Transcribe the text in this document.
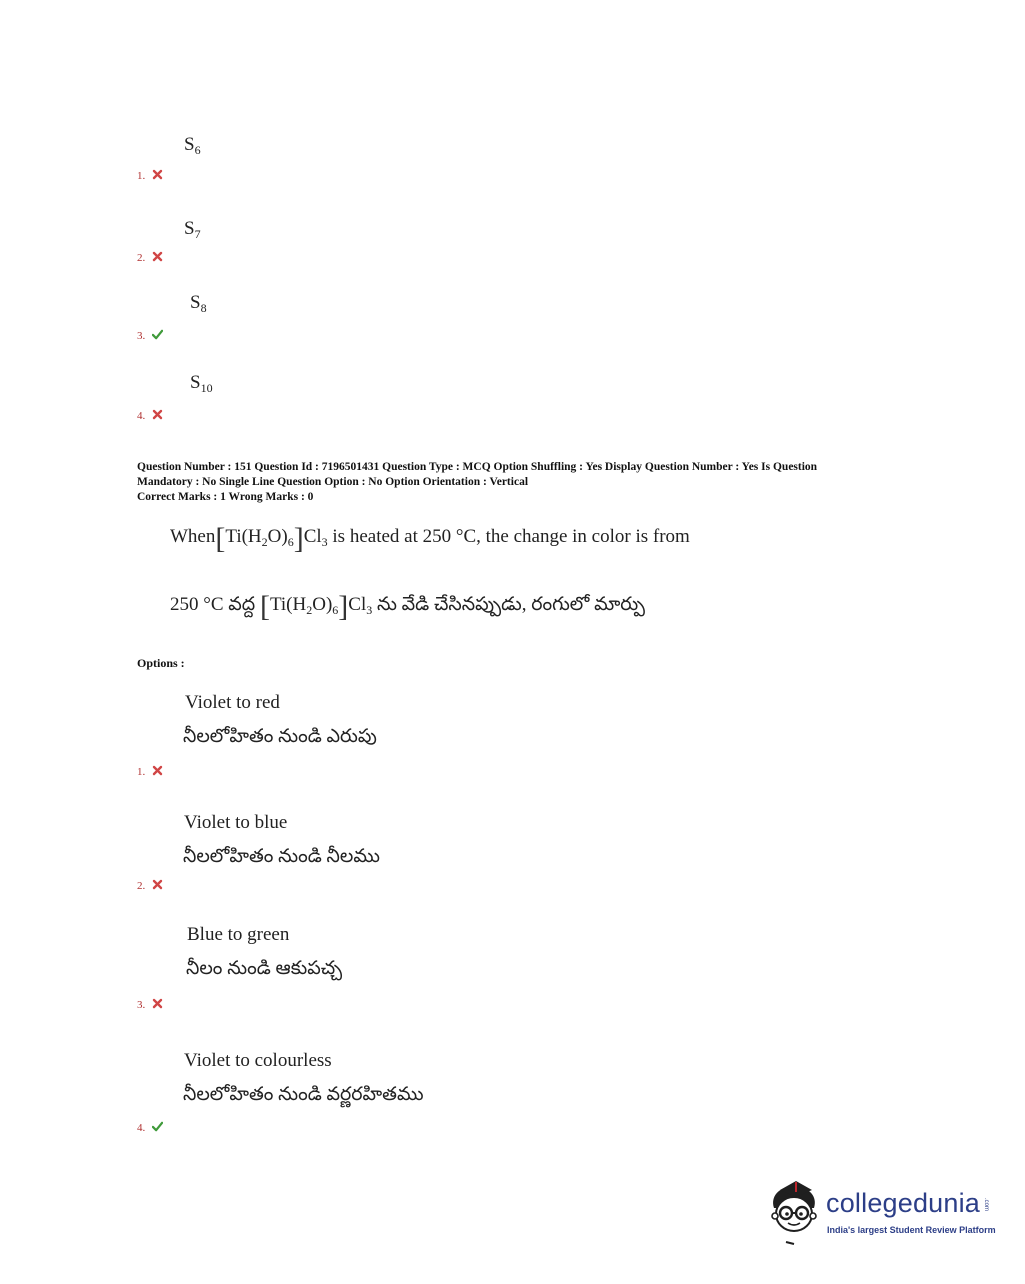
$S_6$
1.
$S_7$
2.
$S_8$
3.
$S_{10}$
4.
Question Number : 151 Question Id : 7196501431 Question Type : MCQ Option Shuffling : Yes Display Question Number : Yes Is Question
Mandatory : No Single Line Question Option : No Option Orientation : Vertical
Correct Marks : 1 Wrong Marks : 0
$When[Ti(H_2O)_6]Cl_3$ is heated at 250 °C, the change in color is from
250 °C వద్ద $[Ti(H_2O)_6]Cl_3$ ను వేడి చేసినప్పుడు, రంగులో మార్పు
Options :
Violet to red
నీలలోహితం నుండి ఎరుపు
1.
Violet to blue
నీలలోహితం నుండి నీలము
2.
Blue to green
నీలం నుండి ఆకుపచ్చ
3.
Violet to colourless
నీలలోహితం నుండి వర్ణరహితము
4.
collegedunia .com
India's largest Student Review Platform
